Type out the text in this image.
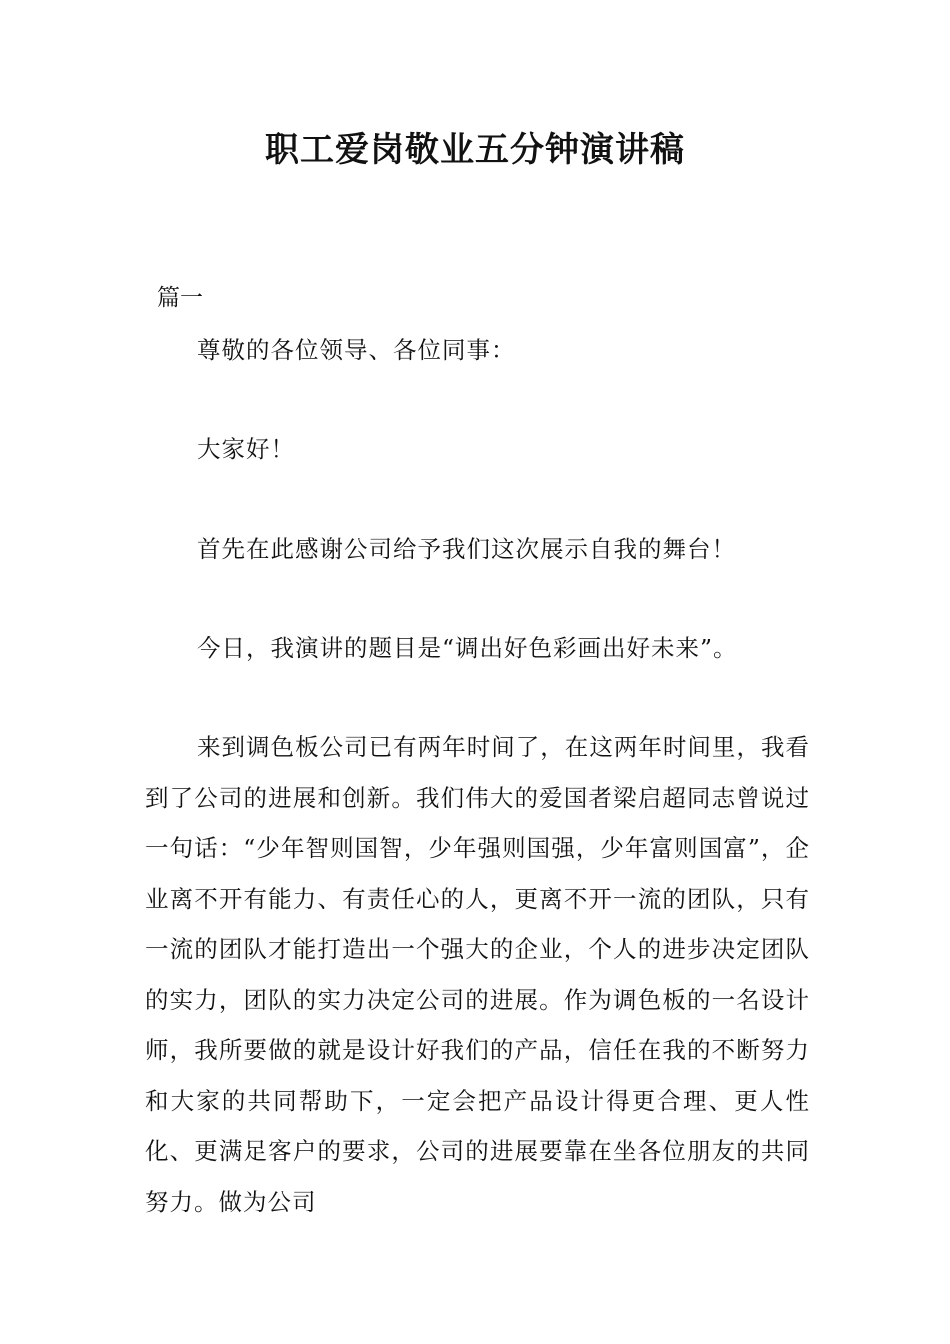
职工爱岗敬业五分钟演讲稿
篇一

尊敬的各位领导、各位同事：

大家好！

首先在此感谢公司给予我们这次展示自我的舞台！

今日，我演讲的题目是“调出好色彩画出好未来”。

来到调色板公司已有两年时间了，在这两年时间里，我看到了公司的进展和创新。我们伟大的爱国者梁启超同志曾说过一句话：“少年智则国智，少年强则国强，少年富则国富”，企业离不开有能力、有责任心的人，更离不开一流的团队，只有一流的团队才能打造出一个强大的企业，个人的进步决定团队的实力，团队的实力决定公司的进展。作为调色板的一名设计师，我所要做的就是设计好我们的产品，信任在我的不断努力和大家的共同帮助下，一定会把产品设计得更合理、更人性化、更满足客户的要求，公司的进展要靠在坐各位朋友的共同努力。做为公司
